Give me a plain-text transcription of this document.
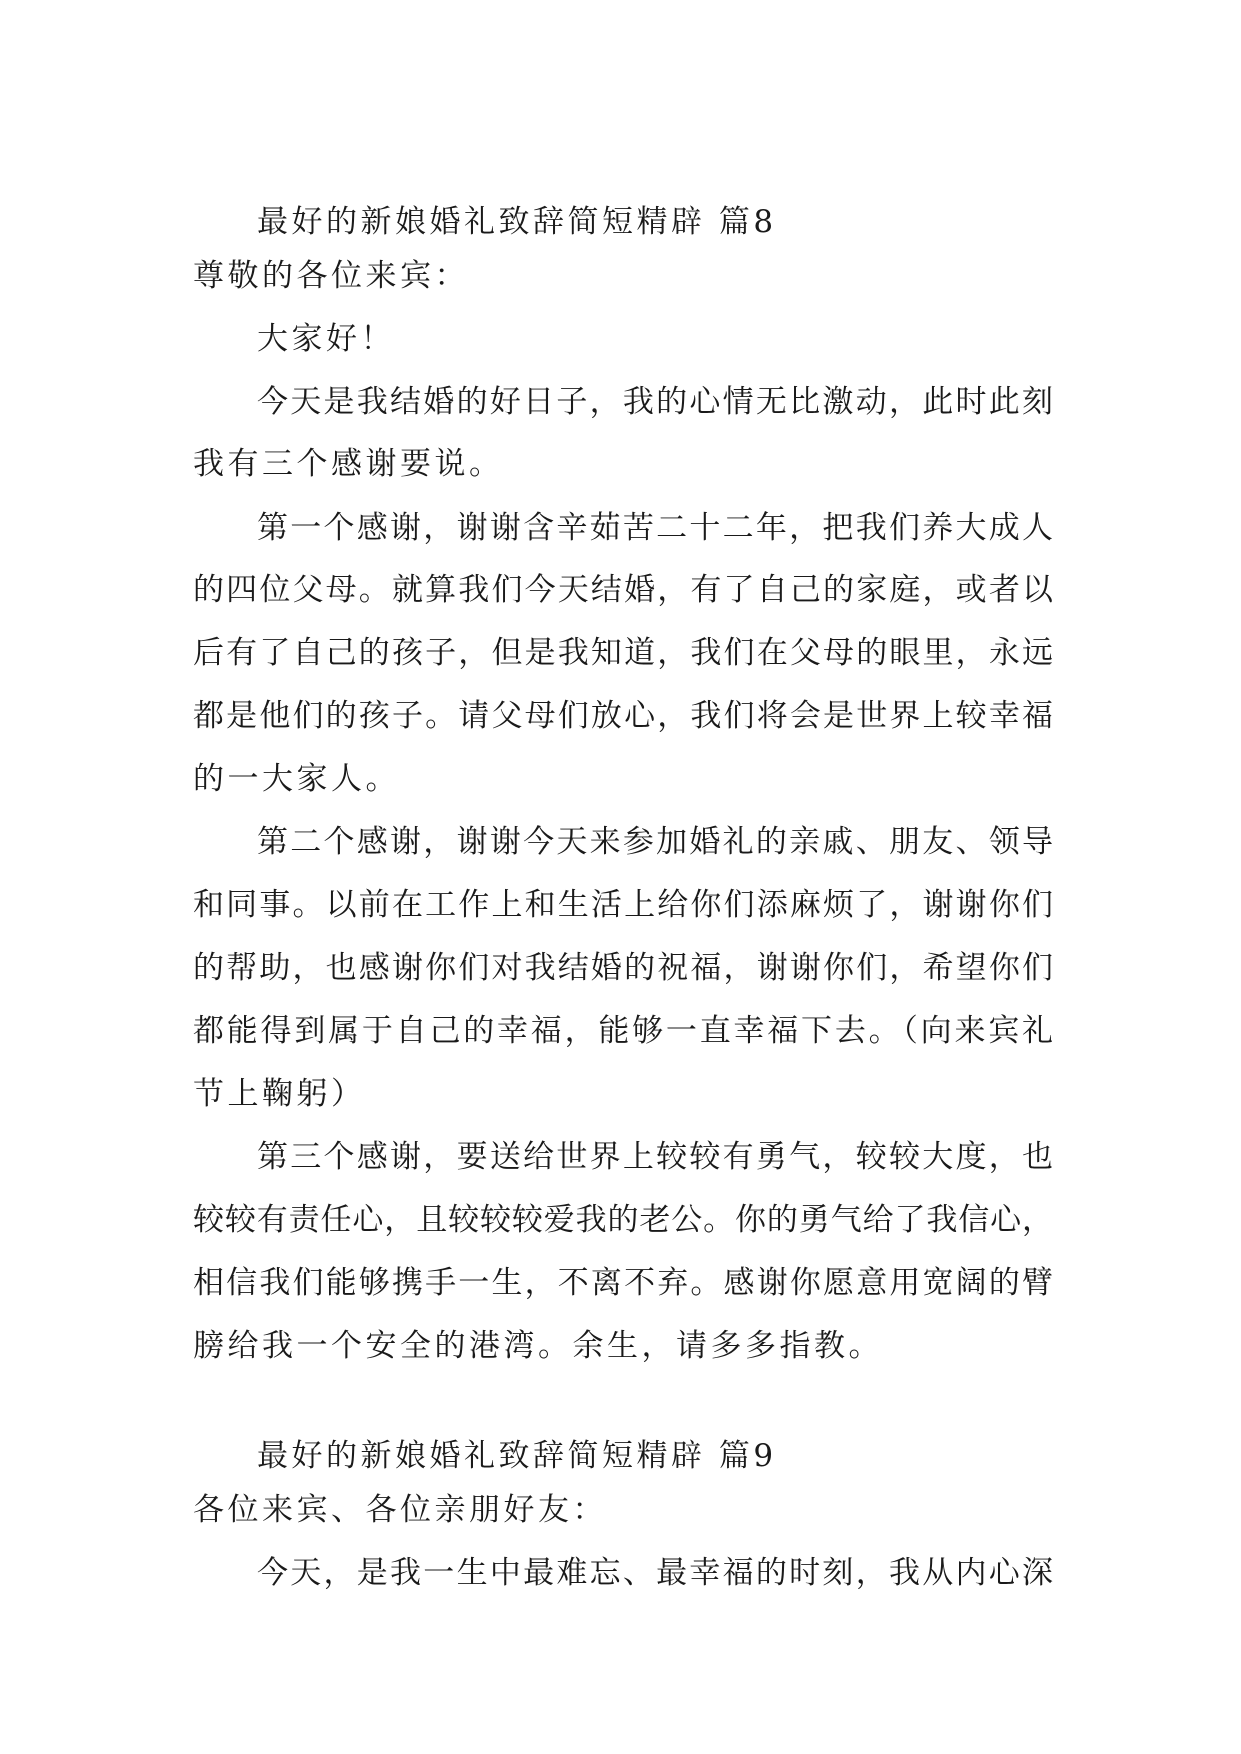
最好的新娘婚礼致辞简短精辟 篇8
尊敬的各位来宾：
大家好！
今天是我结婚的好日子，我的心情无比激动，此时此刻
我有三个感谢要说。
第一个感谢，谢谢含辛茹苦二十二年，把我们养大成人
的四位父母。就算我们今天结婚，有了自己的家庭，或者以
后有了自己的孩子，但是我知道，我们在父母的眼里，永远
都是他们的孩子。请父母们放心，我们将会是世界上较幸福
的一大家人。
第二个感谢，谢谢今天来参加婚礼的亲戚、朋友、领导
和同事。以前在工作上和生活上给你们添麻烦了，谢谢你们
的帮助，也感谢你们对我结婚的祝福，谢谢你们，希望你们
都能得到属于自己的幸福，能够一直幸福下去。（向来宾礼
节上鞠躬）
第三个感谢，要送给世界上较较有勇气，较较大度，也
较较有责任心，且较较较爱我的老公。你的勇气给了我信心，
相信我们能够携手一生，不离不弃。感谢你愿意用宽阔的臂
膀给我一个安全的港湾。余生，请多多指教。
最好的新娘婚礼致辞简短精辟 篇9
各位来宾、各位亲朋好友：
今天，是我一生中最难忘、最幸福的时刻，我从内心深
